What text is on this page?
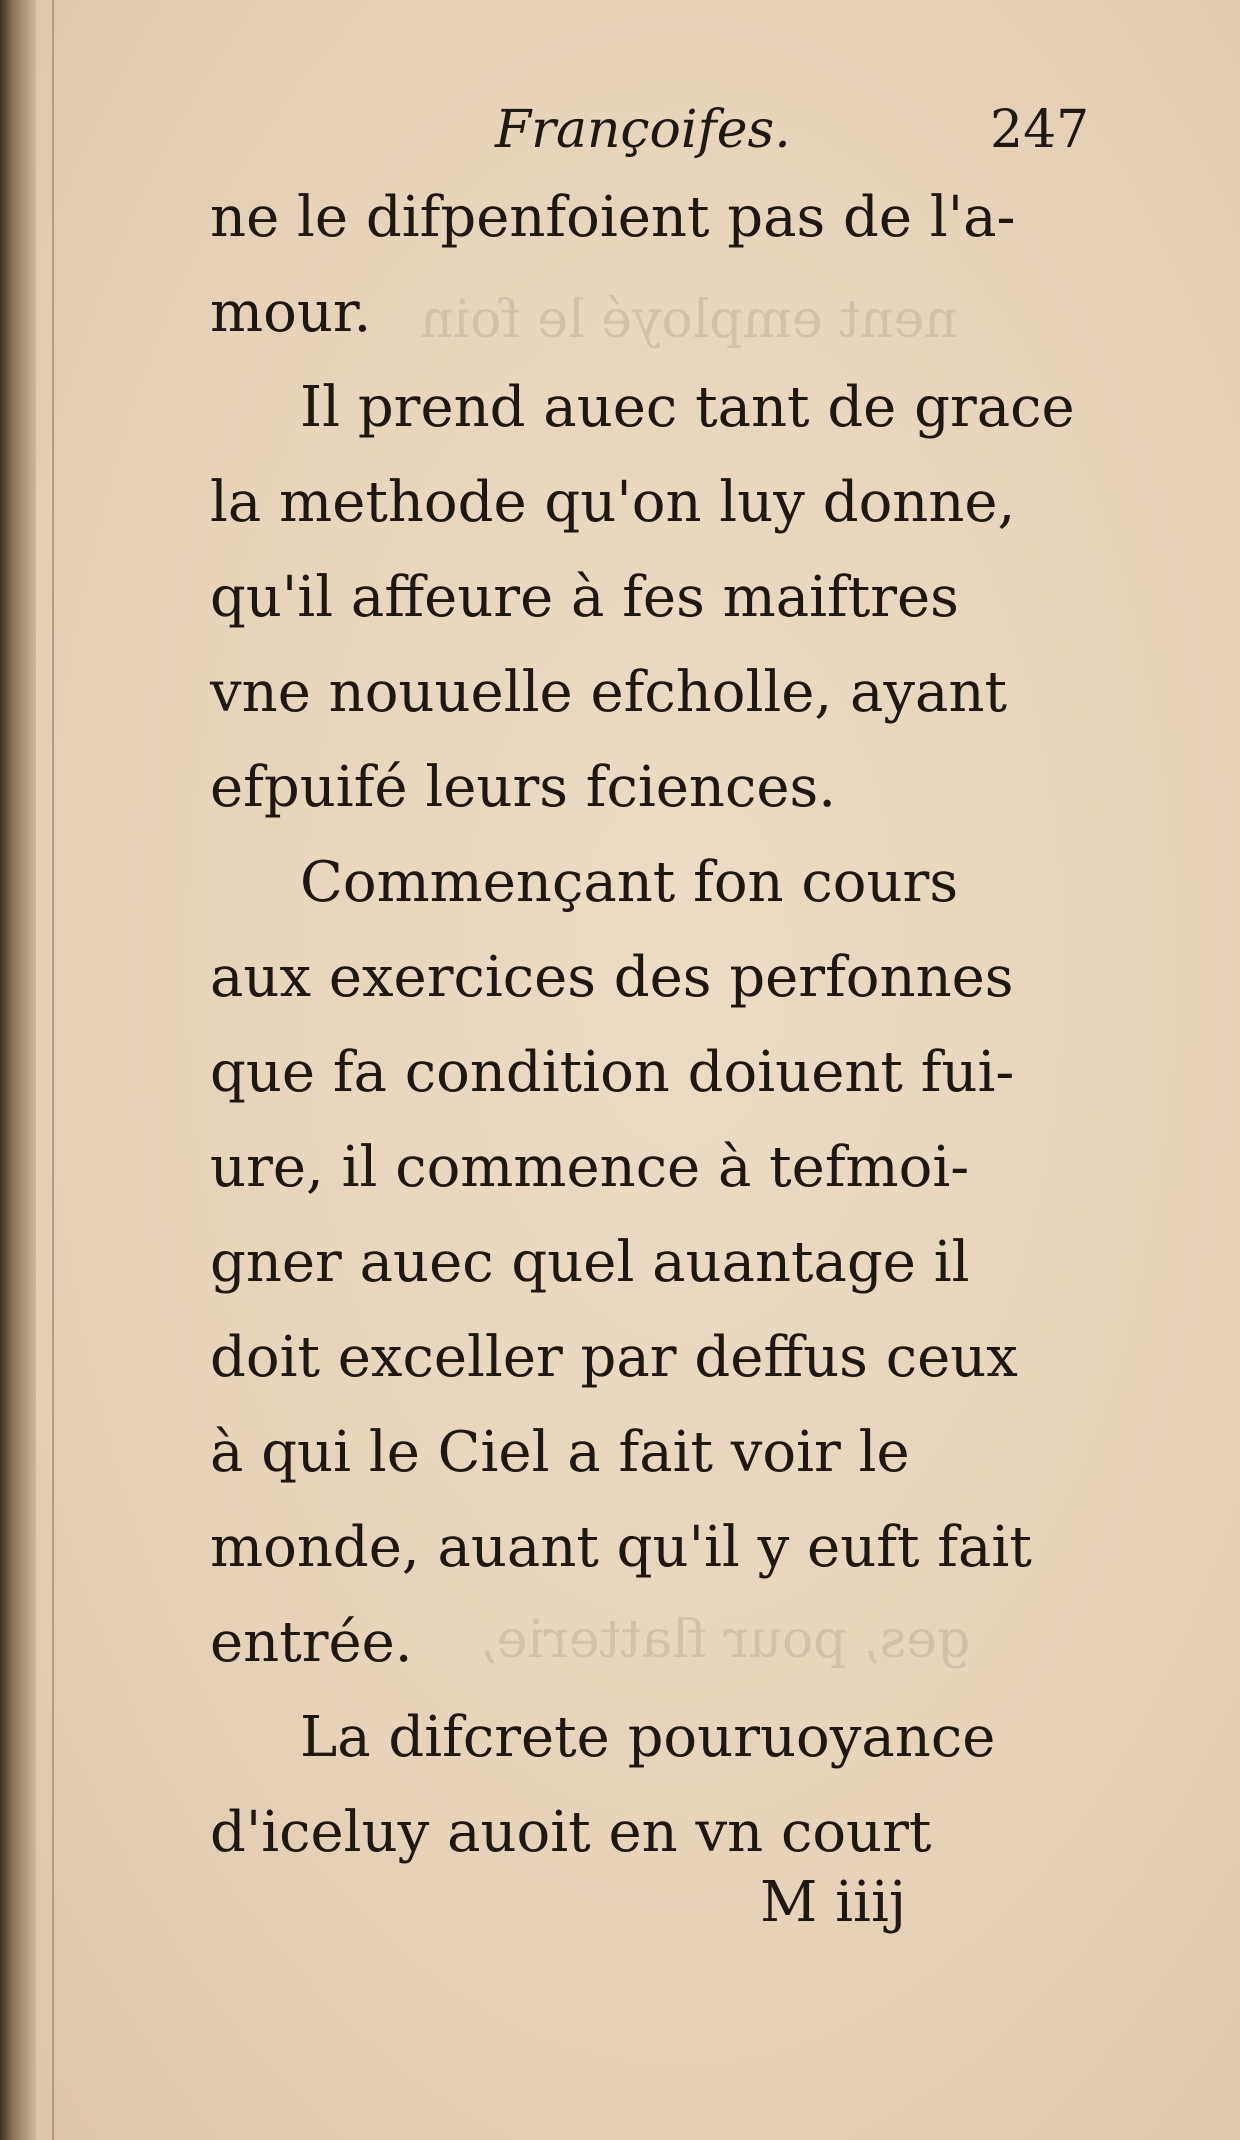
nent employé le foin
ges, pour flatterie,
Françoifes.	247
ne le difpenfoient pas de l'a-
mour.
Il prend auec tant de grace
la methode qu'on luy donne,
qu'il affeure à fes maiftres
vne nouuelle efcholle, ayant
efpuifé leurs fciences.
Commençant fon cours
aux exercices des perfonnes
que fa condition doiuent fui-
ure, il commence à tefmoi-
gner auec quel auantage il
doit exceller par deffus ceux
à qui le Ciel a fait voir le
monde, auant qu'il y euft fait
entrée.
La difcrete pouruoyance
d'iceluy auoit en vn court
M iiij
